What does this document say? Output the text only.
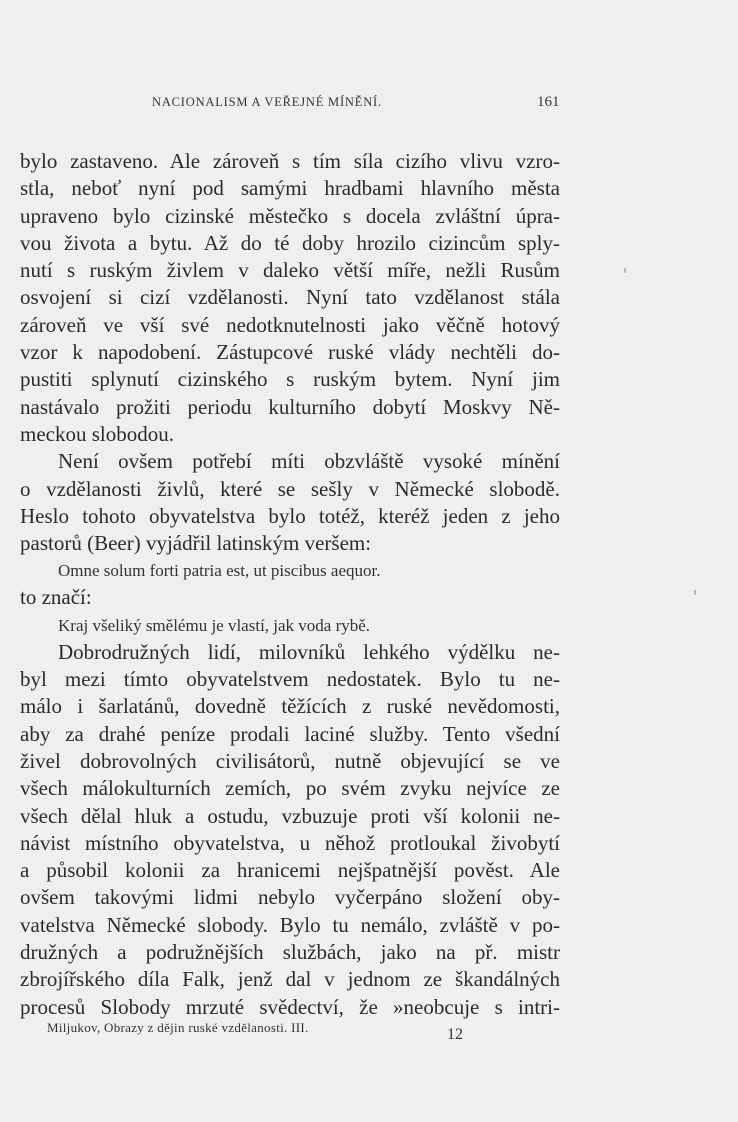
NACIONALISM A VEŘEJNÉ MÍNĚNÍ.	161
bylo zastaveno. Ale zároveň s tím síla cizího vlivu vzro-
stla, neboť nyní pod samými hradbami hlavního města
upraveno bylo cizinské městečko s docela zvláštní úpra-
vou života a bytu. Až do té doby hrozilo cizincům sply-
nutí s ruským živlem v daleko větší míře, nežli Rusům
osvojení si cizí vzdělanosti. Nyní tato vzdělanost stála
zároveň ve vší své nedotknutelnosti jako věčně hotový
vzor k napodobení. Zástupcové ruské vlády nechtěli do-
pustiti splynutí cizinského s ruským bytem. Nyní jim
nastávalo prožiti periodu kulturního dobytí Moskvy Ně-
meckou slobodou.
Není ovšem potřebí míti obzvláště vysoké mínění
o vzdělanosti živlů, které se sešly v Německé slobodě.
Heslo tohoto obyvatelstva bylo totéž, kteréž jeden z jeho
pastorů (Beer) vyjádřil latinským veršem:
Omne solum forti patria est, ut piscibus aequor.
to značí:
Kraj všeliký smělému je vlastí, jak voda rybě.
Dobrodružných lidí, milovníků lehkého výdělku ne-
byl mezi tímto obyvatelstvem nedostatek. Bylo tu ne-
málo i šarlatánů, dovedně těžících z ruské nevědomosti,
aby za drahé peníze prodali laciné služby. Tento všední
živel dobrovolných civilisátorů, nutně objevující se ve
všech málokulturních zemích, po svém zvyku nejvíce ze
všech dělal hluk a ostudu, vzbuzuje proti vší kolonii ne-
návist místního obyvatelstva, u něhož protloukal živobytí
a působil kolonii za hranicemi nejšpatnější pověst. Ale
ovšem takovými lidmi nebylo vyčerpáno složení oby-
vatelstva Německé slobody. Bylo tu nemálo, zvláště v po-
družných a podružnějších službách, jako na př. mistr
zbrojířského díla Falk, jenž dal v jednom ze škandálných
procesů Slobody mrzuté svědectví, že »neobcuje s intri-
Miljukov, Obrazy z dějin ruské vzdělanosti. III.	12
